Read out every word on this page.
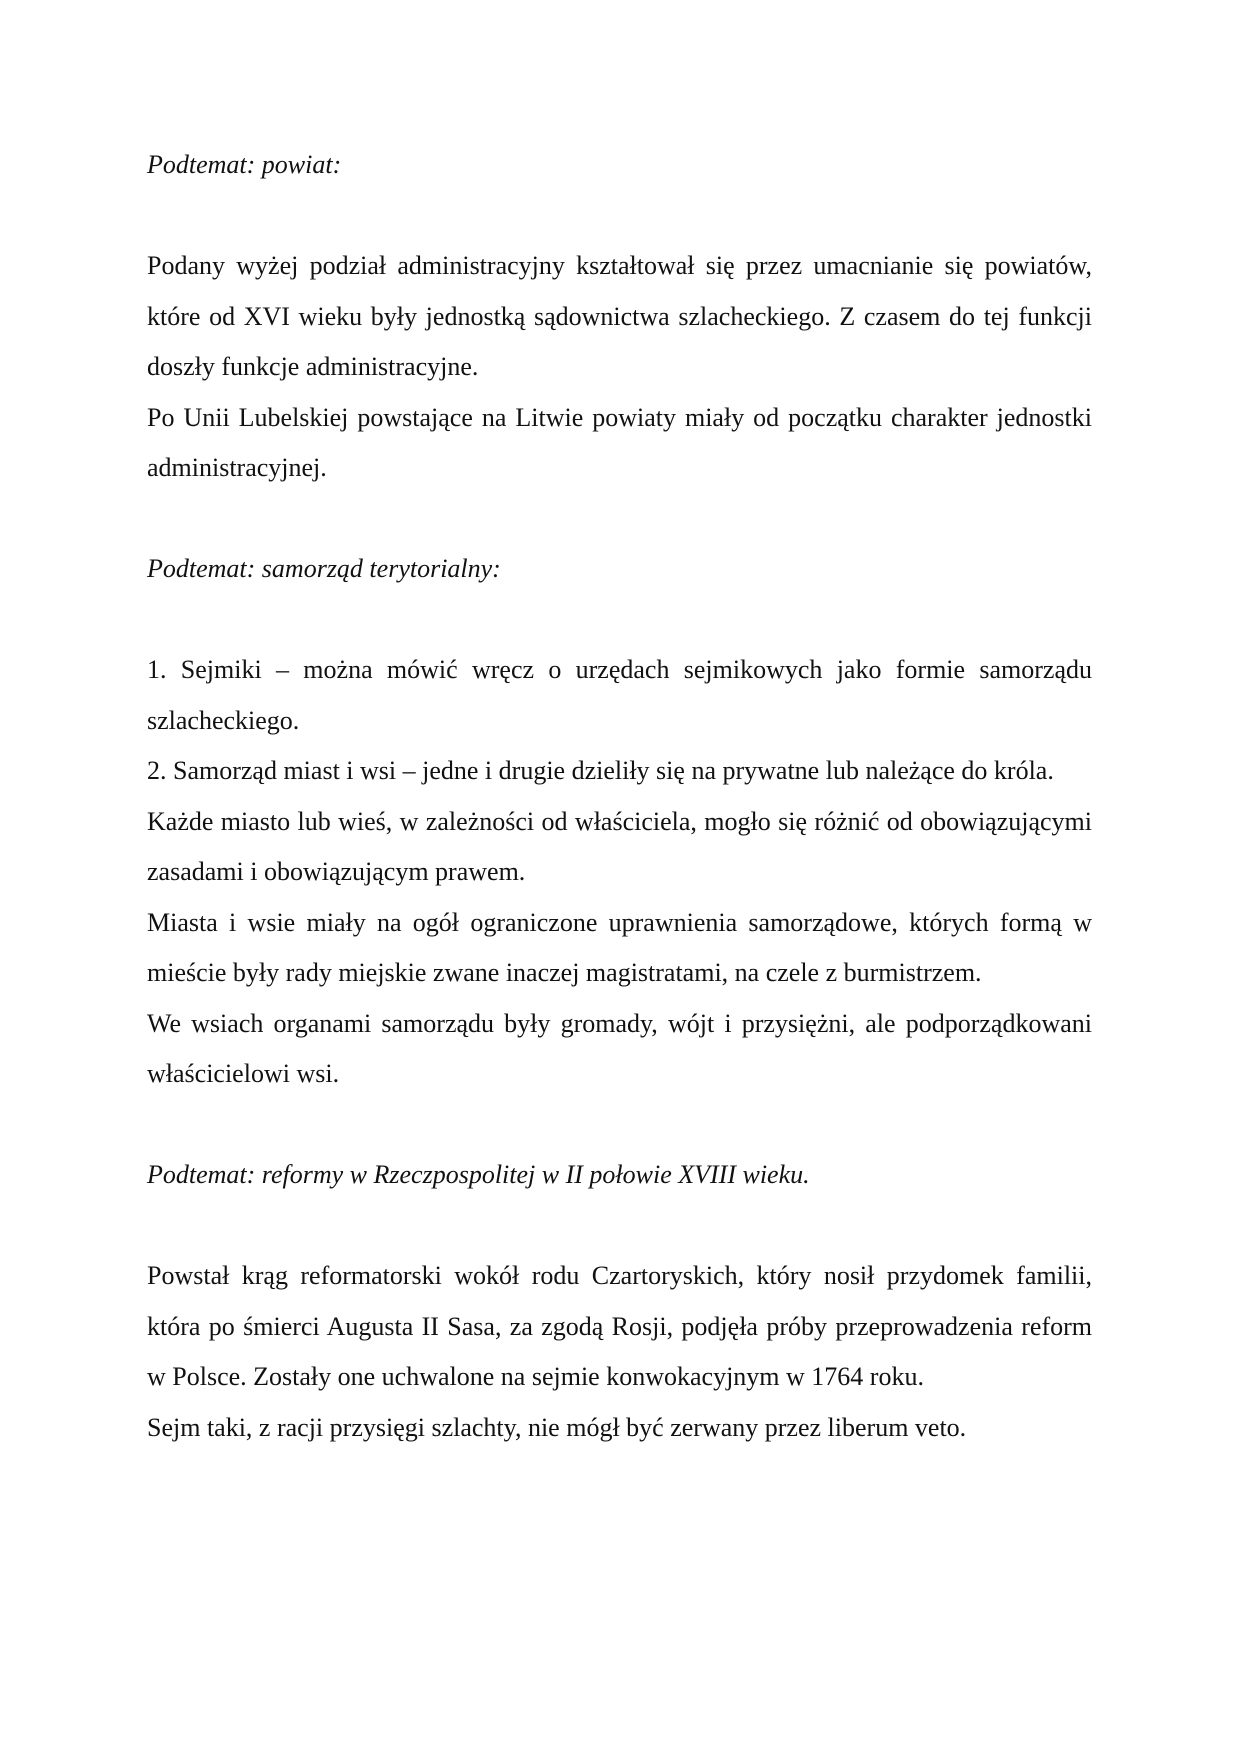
Podtemat: powiat:

Podany wyżej podział administracyjny kształtował się przez umacnianie się powiatów, które od XVI wieku były jednostką sądownictwa szlacheckiego. Z czasem do tej funkcji doszły funkcje administracyjne.

Po Unii Lubelskiej powstające na Litwie powiaty miały od początku charakter jednostki administracyjnej.

Podtemat: samorząd terytorialny:

1. Sejmiki – można mówić wręcz o urzędach sejmikowych jako formie samorządu szlacheckiego.

2. Samorząd miast i wsi – jedne i drugie dzieliły się na prywatne lub należące do króla.

Każde miasto lub wieś, w zależności od właściciela, mogło się różnić od obowiązującymi zasadami i obowiązującym prawem.

Miasta i wsie miały na ogół ograniczone uprawnienia samorządowe, których formą w mieście były rady miejskie zwane inaczej magistratami, na czele z burmistrzem.

We wsiach organami samorządu były gromady, wójt i przysiężni, ale podporządkowani właścicielowi wsi.

Podtemat: reformy w Rzeczpospolitej w II połowie XVIII wieku.

Powstał krąg reformatorski wokół rodu Czartoryskich, który nosił przydomek familii, która po śmierci Augusta II Sasa, za zgodą Rosji, podjęła próby przeprowadzenia reform w Polsce. Zostały one uchwalone na sejmie konwokacyjnym w 1764 roku.

Sejm taki, z racji przysięgi szlachty, nie mógł być zerwany przez liberum veto.
